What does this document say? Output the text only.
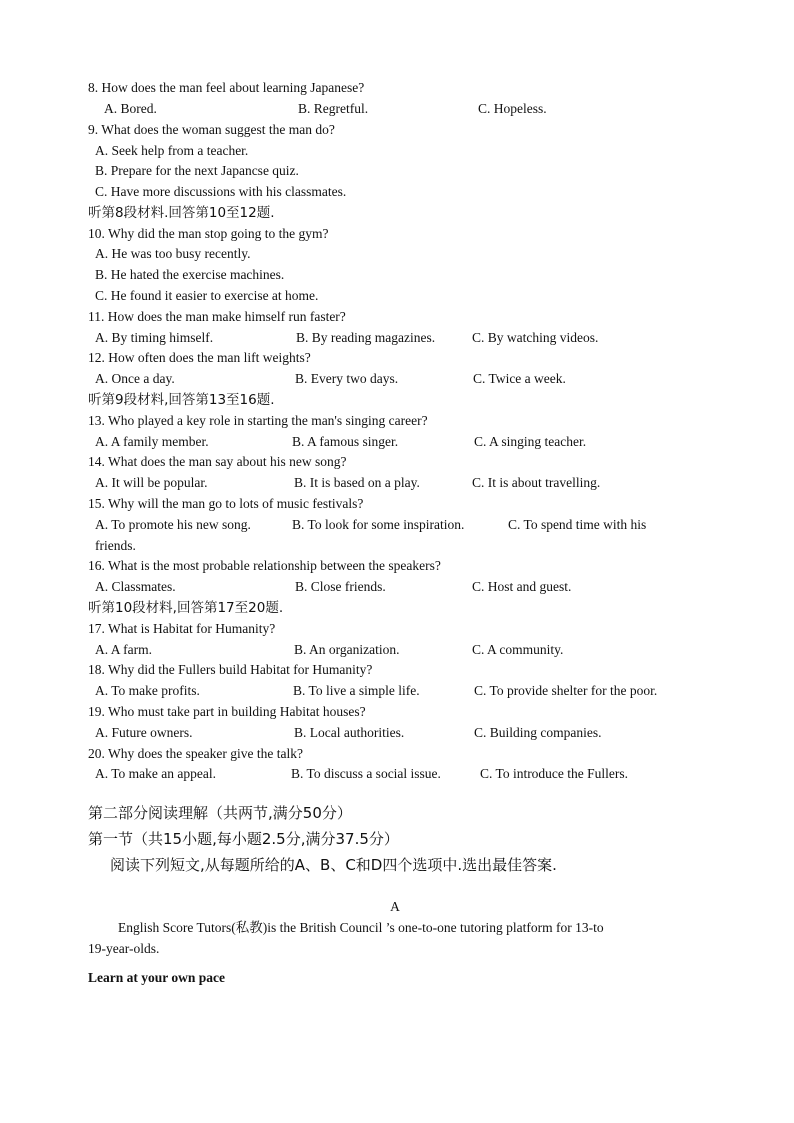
8. How does the man feel about learning Japanese?
A. Bored.	B. Regretful.	C. Hopeless.
9. What does the woman suggest the man do?
A. Seek help from a teacher.
B. Prepare for the next Japancse quiz.
C. Have more discussions with his classmates.
听第8段材料.回答第10至12题.
10. Why did the man stop going to the gym?
A. He was too busy recently.
B. He hated the exercise machines.
C. He found it easier to exercise at home.
11. How does the man make himself run faster?
A. By timing himself.	B. By reading magazines.	C. By watching videos.
12. How often does the man lift weights?
A. Once a day.	B. Every two days.	C. Twice a week.
听第9段材料,回答第13至16题.
13. Who played a key role in starting the man's singing career?
A. A family member.	B. A famous singer.	C. A singing teacher.
14. What does the man say about his new song?
A. It will be popular.	B. It is based on a play.	C. It is about travelling.
15. Why will the man go to lots of music festivals?
A. To promote his new song.	B. To look for some inspiration.	C. To spend time with his
friends.
16. What is the most probable relationship between the speakers?
A. Classmates.	B. Close friends.	C. Host and guest.
听第10段材料,回答第17至20题.
17. What is Habitat for Humanity?
A. A farm.	B. An organization.	C. A community.
18. Why did the Fullers build Habitat for Humanity?
A. To make profits.	B. To live a simple life.	C. To provide shelter for the poor.
19. Who must take part in building Habitat houses?
A. Future owners.	B. Local authorities.	C. Building companies.
20. Why does the speaker give the talk?
A. To make an appeal.	B. To discuss a social issue.	C. To introduce the Fullers.
第二部分阅读理解（共两节,满分50分）
第一节（共15小题,每小题2.5分,满分37.5分）
阅读下列短文,从每题所给的A、B、C和D四个选项中.选出最佳答案.
A
English Score Tutors(私教)is the British Council ’s one-to-one tutoring platform for 13-to
19-year-olds.
Learn at your own pace
